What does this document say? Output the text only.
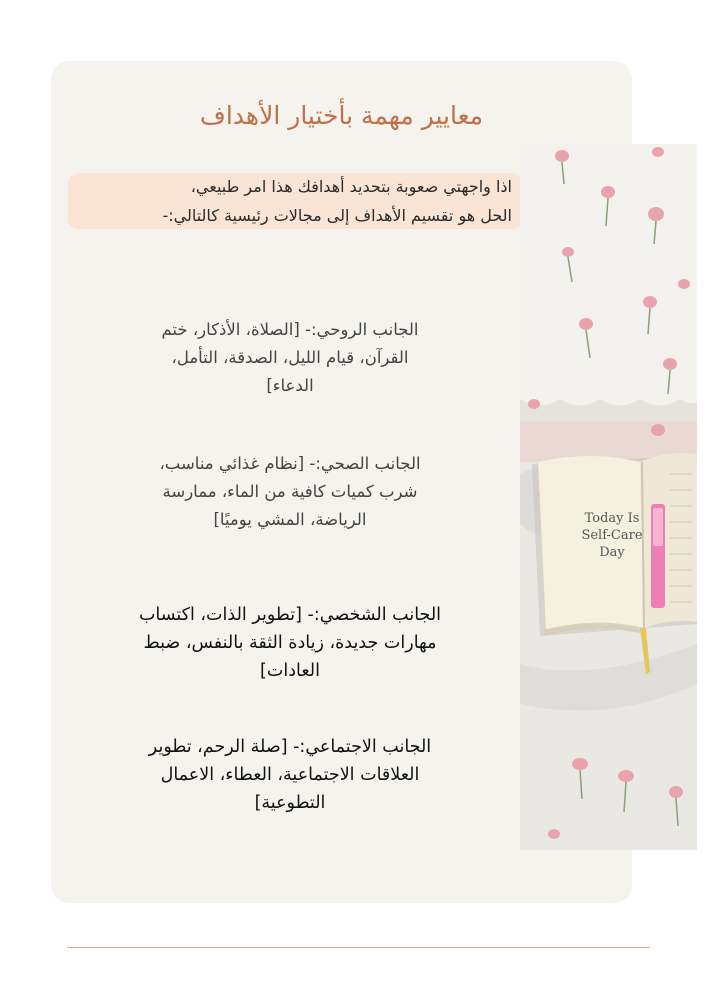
معايير مهمة بأختيار الأهداف
اذا واجهتي صعوبة بتحديد أهدافك هذا امر طبيعي،
الحل هو تقسيم الأهداف إلى مجالات رئيسية كالتالي:-
الجانب الروحي:- [الصلاة، الأذكار، ختم
القرآن، قيام الليل، الصدقة، التأمل،
الدعاء]
الجانب الصحي:- [نظام غذائي مناسب،
شرب كميات كافية من الماء، ممارسة
الرياضة، المشي يوميًا]
الجانب الشخصي:- [تطوير الذات، اكتساب
مهارات جديدة، زيادة الثقة بالنفس، ضبط
العادات]
الجانب الاجتماعي:- [صلة الرحم، تطوير
العلاقات الاجتماعية، العطاء، الاعمال
التطوعية]
Today Is
Self-Care
Day
